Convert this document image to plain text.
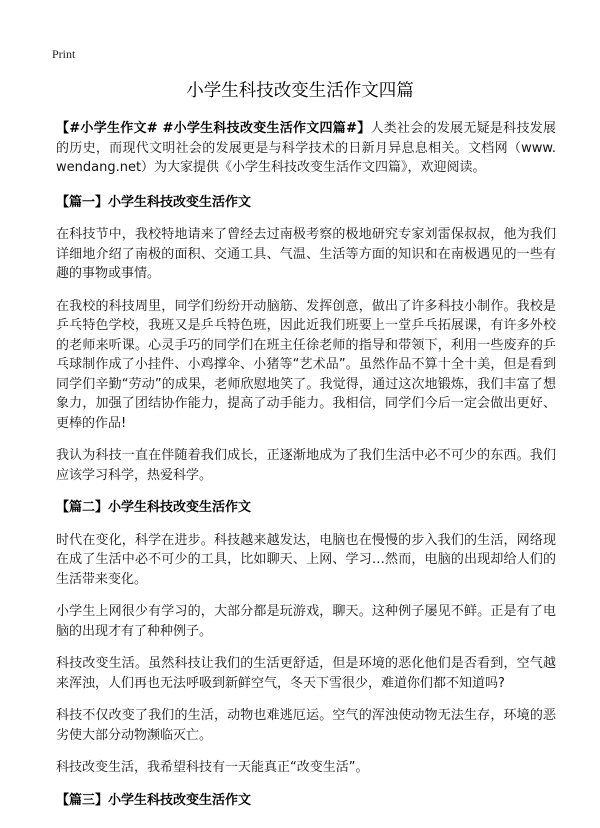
Print
小学生科技改变生活作文四篇

【#小学生作文# #小学生科技改变生活作文四篇#】人类社会的发展无疑是科技发展的历史，而现代文明社会的发展更是与科学技术的日新月异息息相关。文档网（www.wendang.net）为大家提供《小学生科技改变生活作文四篇》，欢迎阅读。

【篇一】小学生科技改变生活作文

在科技节中，我校特地请来了曾经去过南极考察的极地研究专家刘雷保叔叔，他为我们详细地介绍了南极的面积、交通工具、气温、生活等方面的知识和在南极遇见的一些有趣的事物或事情。

在我校的科技周里，同学们纷纷开动脑筋、发挥创意，做出了许多科技小制作。我校是乒乓特色学校，我班又是乒乓特色班，因此近我们班要上一堂乒乓拓展课，有许多外校的老师来听课。心灵手巧的同学们在班主任徐老师的指导和带领下，利用一些废弃的乒乓球制作成了小挂件、小鸡撑伞、小猪等“艺术品”。虽然作品不算十全十美，但是看到同学们辛勤“劳动”的成果，老师欣慰地笑了。我觉得，通过这次地锻炼，我们丰富了想象力，加强了团结协作能力，提高了动手能力。我相信，同学们今后一定会做出更好、更棒的作品!

我认为科技一直在伴随着我们成长，正逐渐地成为了我们生活中必不可少的东西。我们应该学习科学，热爱科学。

【篇二】小学生科技改变生活作文

时代在变化，科学在进步。科技越来越发达，电脑也在慢慢的步入我们的生活，网络现在成了生活中必不可少的工具，比如聊天、上网、学习…然而，电脑的出现却给人们的生活带来变化。

小学生上网很少有学习的，大部分都是玩游戏，聊天。这种例子屡见不鲜。正是有了电脑的出现才有了种种例子。

科技改变生活。虽然科技让我们的生活更舒适，但是环境的恶化他们是否看到，空气越来浑浊，人们再也无法呼吸到新鲜空气，冬天下雪很少，难道你们都不知道吗?

科技不仅改变了我们的生活，动物也难逃厄运。空气的浑浊使动物无法生存，环境的恶劣使大部分动物濒临灭亡。

科技改变生活，我希望科技有一天能真正“改变生活”。

【篇三】小学生科技改变生活作文
